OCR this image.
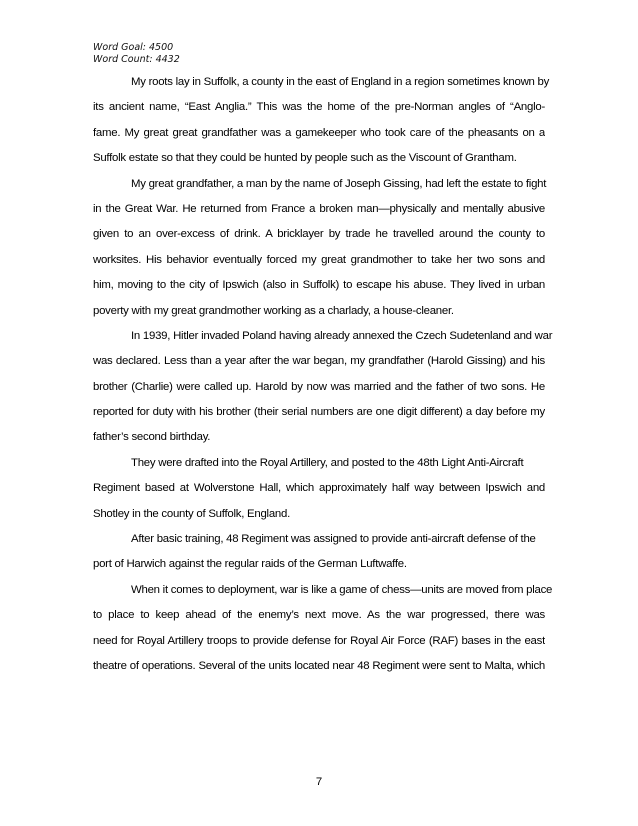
Word Goal: 4500
Word Count: 4432
My roots lay in Suffolk, a county in the east of England in a region sometimes known by
its ancient name, “East Anglia.” This was the home of the pre-Norman angles of “Anglo-
fame. My great great grandfather was a gamekeeper who took care of the pheasants on a
Suffolk estate so that they could be hunted by people such as the Viscount of Grantham.
My great grandfather, a man by the name of Joseph Gissing, had left the estate to fight
in the Great War. He returned from France a broken man—physically and mentally abusive
given to an over-excess of drink. A bricklayer by trade he travelled around the county to
worksites. His behavior eventually forced my great grandmother to take her two sons and
him, moving to the city of Ipswich (also in Suffolk) to escape his abuse. They lived in urban
poverty with my great grandmother working as a charlady, a house-cleaner.
In 1939, Hitler invaded Poland having already annexed the Czech Sudetenland and war
was declared. Less than a year after the war began, my grandfather (Harold Gissing) and his
brother (Charlie) were called up. Harold by now was married and the father of two sons. He
reported for duty with his brother (their serial numbers are one digit different) a day before my
father’s second birthday.
They were drafted into the Royal Artillery, and posted to the 48th Light Anti-Aircraft
Regiment based at Wolverstone Hall, which approximately half way between Ipswich and
Shotley in the county of Suffolk, England.
After basic training, 48 Regiment was assigned to provide anti-aircraft defense of the
port of Harwich against the regular raids of the German Luftwaffe.
When it comes to deployment, war is like a game of chess—units are moved from place
to place to keep ahead of the enemy’s next move. As the war progressed, there was
need for Royal Artillery troops to provide defense for Royal Air Force (RAF) bases in the east
theatre of operations. Several of the units located near 48 Regiment were sent to Malta, which
7
